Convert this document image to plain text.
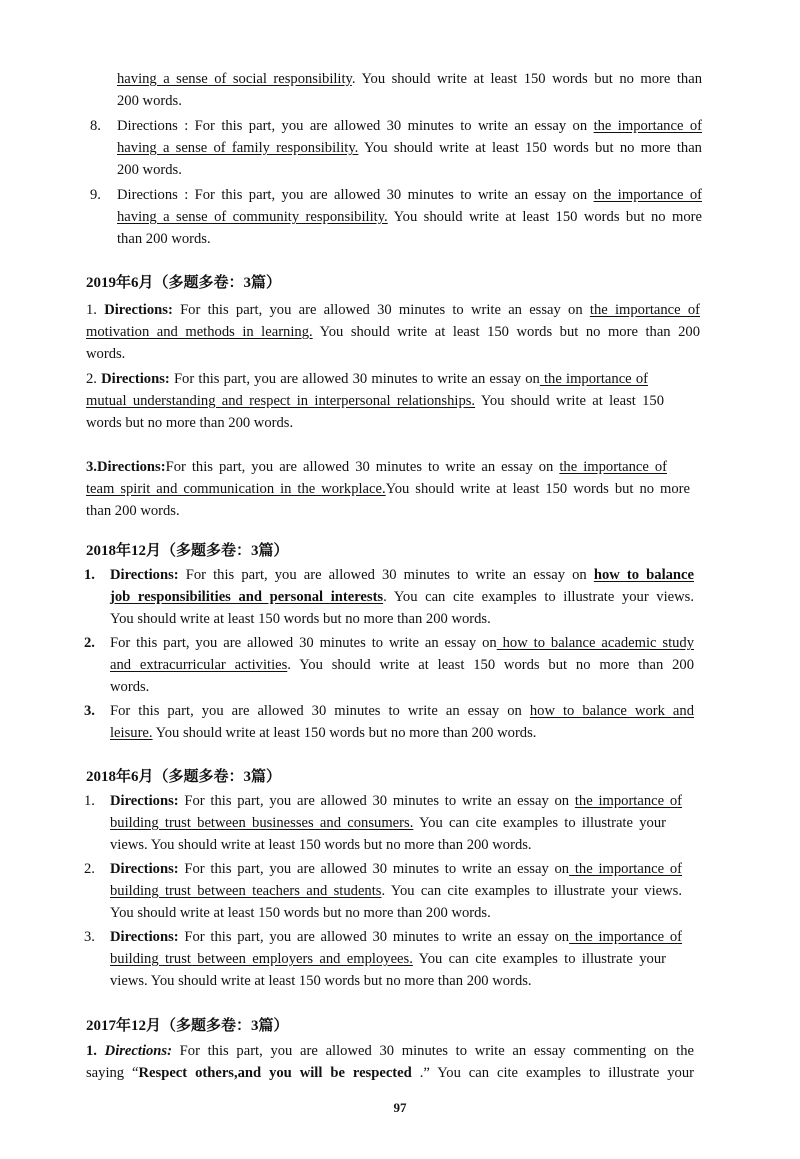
having a sense of social responsibility. You should write at least 150 words but no more than
200 words.
8. Directions : For this part, you are allowed 30 minutes to write an essay on the importance of
having a sense of family responsibility. You should write at least 150 words but no more than
200 words.
9. Directions : For this part, you are allowed 30 minutes to write an essay on the importance of
having a sense of community responsibility. You should write at least 150 words but no more
than 200 words.
2019年6月（多题多卷：3篇）
1. Directions: For this part, you are allowed 30 minutes to write an essay on the importance of
motivation and methods in learning. You should write at least 150 words but no more than 200
words.
2. Directions: For this part, you are allowed 30 minutes to write an essay on the importance of
mutual understanding and respect in interpersonal relationships. You should write at least 150
words but no more than 200 words.
3.Directions:For this part, you are allowed 30 minutes to write an essay on the importance of
team spirit and communication in the workplace.You should write at least 150 words but no more
than 200 words.
2018年12月（多题多卷：3篇）
1. Directions: For this part, you are allowed 30 minutes to write an essay on how to balance
job responsibilities and personal interests. You can cite examples to illustrate your views.
You should write at least 150 words but no more than 200 words.
2. For this part, you are allowed 30 minutes to write an essay on how to balance academic study
and extracurricular activities. You should write at least 150 words but no more than 200
words.
3. For this part, you are allowed 30 minutes to write an essay on how to balance work and
leisure. You should write at least 150 words but no more than 200 words.
2018年6月（多题多卷：3篇）
1. Directions: For this part, you are allowed 30 minutes to write an essay on the importance of
building trust between businesses and consumers. You can cite examples to illustrate your
views. You should write at least 150 words but no more than 200 words.
2. Directions: For this part, you are allowed 30 minutes to write an essay on the importance of
building trust between teachers and students. You can cite examples to illustrate your views.
You should write at least 150 words but no more than 200 words.
3. Directions: For this part, you are allowed 30 minutes to write an essay on the importance of
building trust between employers and employees. You can cite examples to illustrate your
views. You should write at least 150 words but no more than 200 words.
2017年12月（多题多卷：3篇）
1. Directions: For this part, you are allowed 30 minutes to write an essay commenting on the
saying “Respect others,and you will be respected .” You can cite examples to illustrate your
97
